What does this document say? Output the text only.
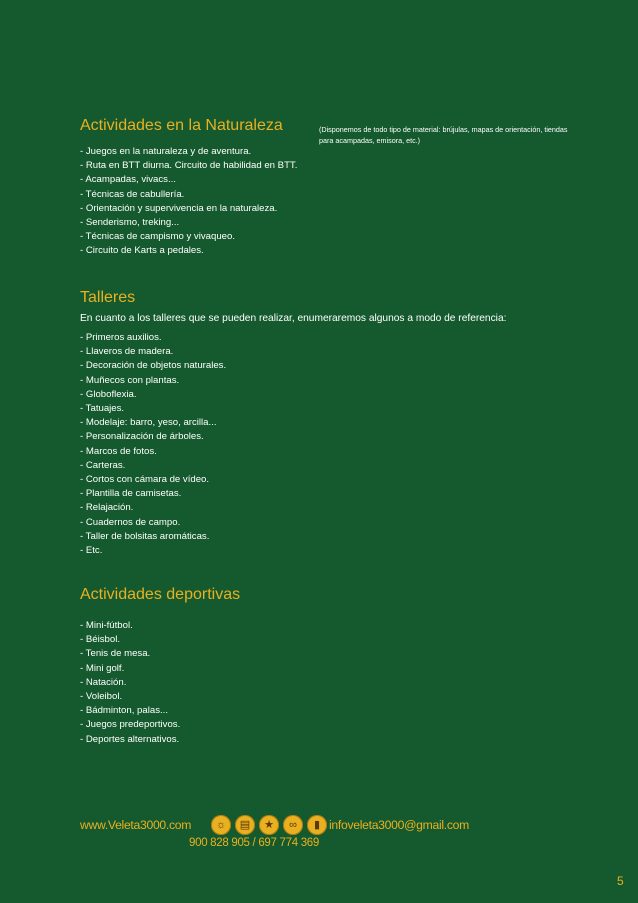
Actividades en la Naturaleza	(Disponemos de todo tipo de material: brújulas, mapas de orientación, tiendas para acampadas, emisora, etc.)
- Juegos en la naturaleza y de aventura.
- Ruta en BTT diurna. Circuito de habilidad en BTT.
- Acampadas, vivacs...
- Técnicas de cabullería.
- Orientación y supervivencia en la naturaleza.
- Senderismo, treking...
- Técnicas de campismo y vivaqueo.
- Circuito de Karts a pedales.
Talleres
En cuanto a los talleres que se pueden realizar, enumeraremos algunos a modo de referencia:
- Primeros auxilios.
- Llaveros de madera.
- Decoración de objetos naturales.
- Muñecos con plantas.
- Globoflexia.
- Tatuajes.
- Modelaje: barro, yeso, arcilla...
- Personalización de árboles.
- Marcos de fotos.
- Carteras.
- Cortos con cámara de vídeo.
- Plantilla de camisetas.
- Relajación.
- Cuadernos de campo.
- Taller de bolsitas aromáticas.
- Etc.
Actividades deportivas
- Mini-fútbol.
- Béisbol.
- Tenis de mesa.
- Mini golf.
- Natación.
- Voleibol.
- Bádminton, palas...
- Juegos predeportivos.
- Deportes alternativos.
www.Veleta3000.com	☼	▤	★	∞	▮ infoveleta3000@gmail.com
900 828 905 / 697 774 369
5
